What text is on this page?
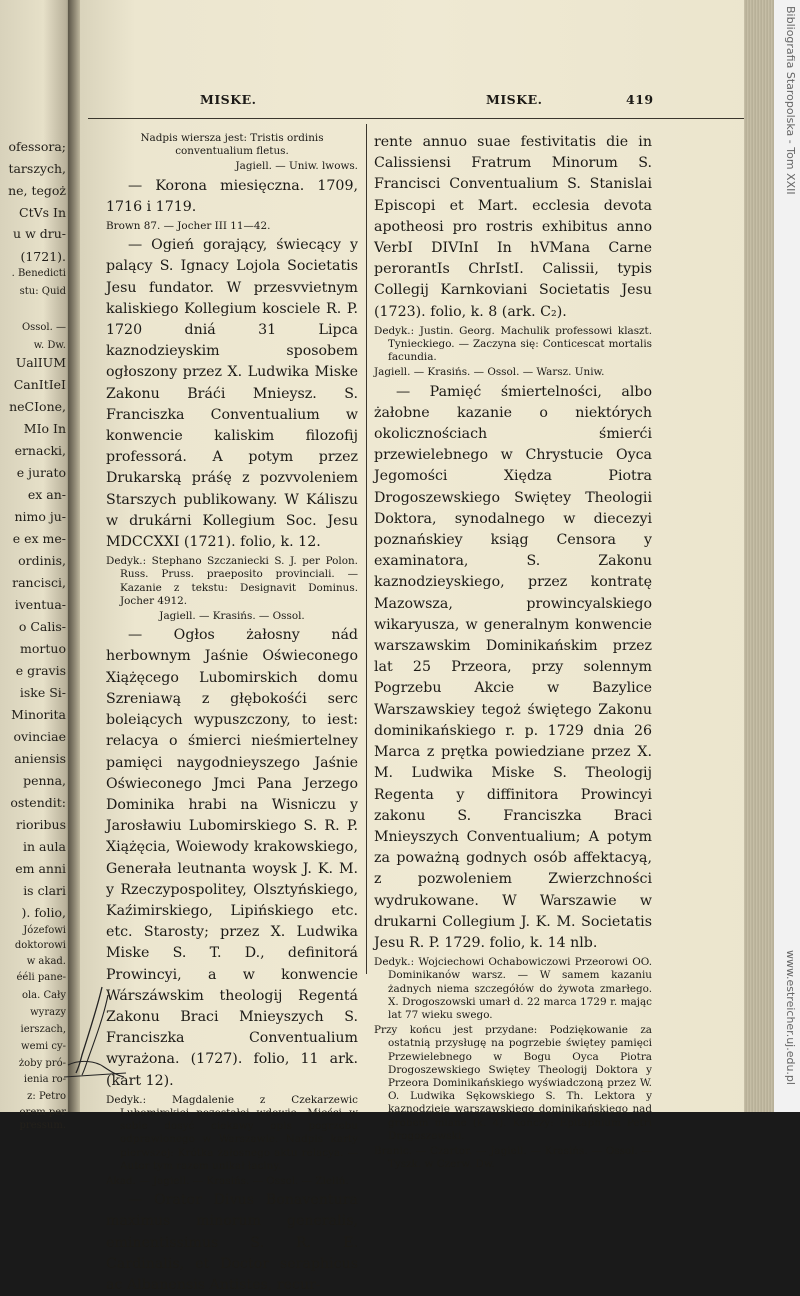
ofessora;
tarszych,
ne, tegoż
CtVs In
u w dru-
(1721).
. Benedicti
stu: Quid
Ossol. —
w. Dw.
UalIUM
CanItIeI
neCIone,
MIo In
ernacki,
e jurato
ex an-
nimo ju-
e ex me-
ordinis,
rancisci,
iventua-
o Calis-
mortuo
e gravis
iske Si-
Minorita
ovinciae
aniensis
penna,
ostendit:
rioribus
in aula
em anni
is clari
). folio,
Józefowi
doktorowi
w akad.
ééli pane-
ola. Cały
wyrazy
ierszach,
wemi cy-
żoby pró-
ienia ro-
z: Petro
orem per
pressum.
MISKE.	MISKE.	419

Nadpis wiersza jest: Tristis ordinis conventualium fletus.

Jagiell. — Uniw. lwows.

— Korona miesięczna. 1709, 1716 i 1719.

Brown 87. — Jocher III 11—42.

— Ogień gorający, świecący y palący S. Ignacy Lojola Societatis Jesu fundator. W przesvvietnym kaliskiego Kollegium kosciele R. P. 1720 dniá 31 Lipca kaznodzieyskim sposobem ogłoszony przez X. Ludwika Miske Zakonu Bráći Mnieysz. S. Franciszka Conventualium w konwencie kaliskim filozofij professorá. A potym przez Drukarską práśę z pozvvoleniem Starszych publikowany. W Káliszu w drukárni Kollegium Soc. Jesu MDCCXXI (1721). folio, k. 12.

Dedyk.: Stephano Szczaniecki S. J. per Polon. Russ. Pruss. praeposito provinciali. — Kazanie z tekstu: Designavit Dominus. Jocher 4912.

Jagiell. — Krasińs. — Ossol.

— Ogłos żałosny nád herbownym Jaśnie Oświeconego Xiążęcego Lubomirskich domu Szreniawą z głębokośći serc boleiących wypuszczony, to iest: relacya o śmierci nieśmiertelney pamięci naygodnieyszego Jaśnie Oświeconego Jmci Pana Jerzego Dominika hrabi na Wisniczu y Jarosławiu Lubomirskiego S. R. P. Xiążęcia, Woiewody krakowskiego, Generała leutnanta woysk J. K. M. y Rzeczypospolitey, Olsztyńskiego, Kaźimirskiego, Lipińskiego etc. etc. Starosty; przez X. Ludwika Miske S. T. D., definitorá Prowincyi, a w konwencie Wárszáwskim theologij Regentá Zakonu Braci Mnieyszych S. Franciszka Conventualium wyrażona. (1727). folio, 11 ark. (kart 12).

Dedyk.: Magdalenie z Czekarzewic Lubomirskiej pozostałej wdowie. Mieści w sobie dosyć ciekawy opis pogrzebu odprawionego w Warszawie. Nadpis karty pierwszej: Krótka żałosnego aktu relacya. — Autor tym razem unikał łaciny.

Akad. — Jagiell. — Krasińs. — Ossol. — Zieliń.

— Orator Divus Bonaventura maximus minorum generalis, eminentissimus S. R. E. Cardinalis, et Doctor seraphicus ac Albanensis Antistes, recur-

rente annuo suae festivitatis die in Calissiensi Fratrum Minorum S. Francisci Conventualium S. Stanislai Episcopi et Mart. ecclesia devota apotheosi pro rostris exhibitus anno VerbI DIVInI In hVMana Carne perorantIs ChrIstI. Calissii, typis Collegij Karnkoviani Societatis Jesu (1723). folio, k. 8 (ark. C₂).

Dedyk.: Justin. Georg. Machulik professowi klaszt. Tynieckiego. — Zaczyna się: Conticescat mortalis facundia.

Jagiell. — Krasińs. — Ossol. — Warsz. Uniw.

— Pamięć śmiertelności, albo żałobne kazanie o niektórych okolicznościach śmierći przewielebnego w Chrystucie Oyca Jegomości Xiędza Piotra Drogoszewskiego Swiętey Theologii Doktora, synodalnego w diecezyi poznańskiey ksiąg Censora y examinatora, S. Zakonu kaznodzieyskiego, przez kontratę Mazowsza, prowincyalskiego wikaryusza, w generalnym konwencie warszawskim Dominikańskim przez lat 25 Przeora, przy solennym Pogrzebu Akcie w Bazylice Warszawskiey tegoż świętego Zakonu dominikańskiego r. p. 1729 dnia 26 Marca z prętka powiedziane przez X. M. Ludwika Miske S. Theologij Regenta y diffinitora Prowincyi zakonu S. Franciszka Braci Mnieyszych Conventualium; A potym za poważną godnych osób affektacyą, z pozwoleniem Zwierzchności wydrukowane. W Warszawie w drukarni Collegium J. K. M. Societatis Jesu R. P. 1729. folio, k. 14 nlb.

Dedyk.: Wojciechowi Ochabowiczowi Przeorowi OO. Dominikanów warsz. — W samem kazaniu żadnych niema szczegółów do żywota zmarłego. X. Drogoszowski umarł d. 22 marca 1729 r. mając lat 77 wieku swego.

Przy końcu jest przydane: Podziękowanie za ostatnią przysługę na pogrzebie świętey pamięci Przewielebnego w Bogu Oyca Piotra Drogoszewskiego Swiętey Theologij Doktora y Przeora Dominikańskiego wyświadczoną przez W. O. Ludwika Sękowskiego S. Th. Lektora y kaznodzieję warszawskiego dominikańskiego nad grobem miane (k. 4). Kończy: Epitaphium Petri Drogoszewski.

Branic. — Czartor. — Jagiell. — Krasińs. — Ossol. — Tyszk. w Czerw. Dw.

Bibliografia Staropolska - Tom XXII
www.estreicher.uj.edu.pl
